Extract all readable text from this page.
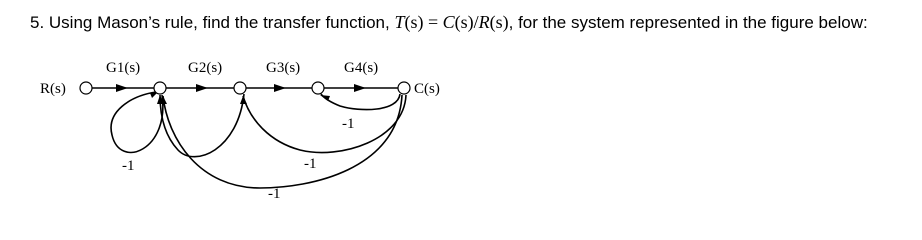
5. Using Mason’s rule, find the transfer function, T(s) = C(s)/R(s), for the system represented in the figure below:
R(s)	C(s)
G1(s)	G2(s)	G3(s)	G4(s)
-1
-1	-1
-1
